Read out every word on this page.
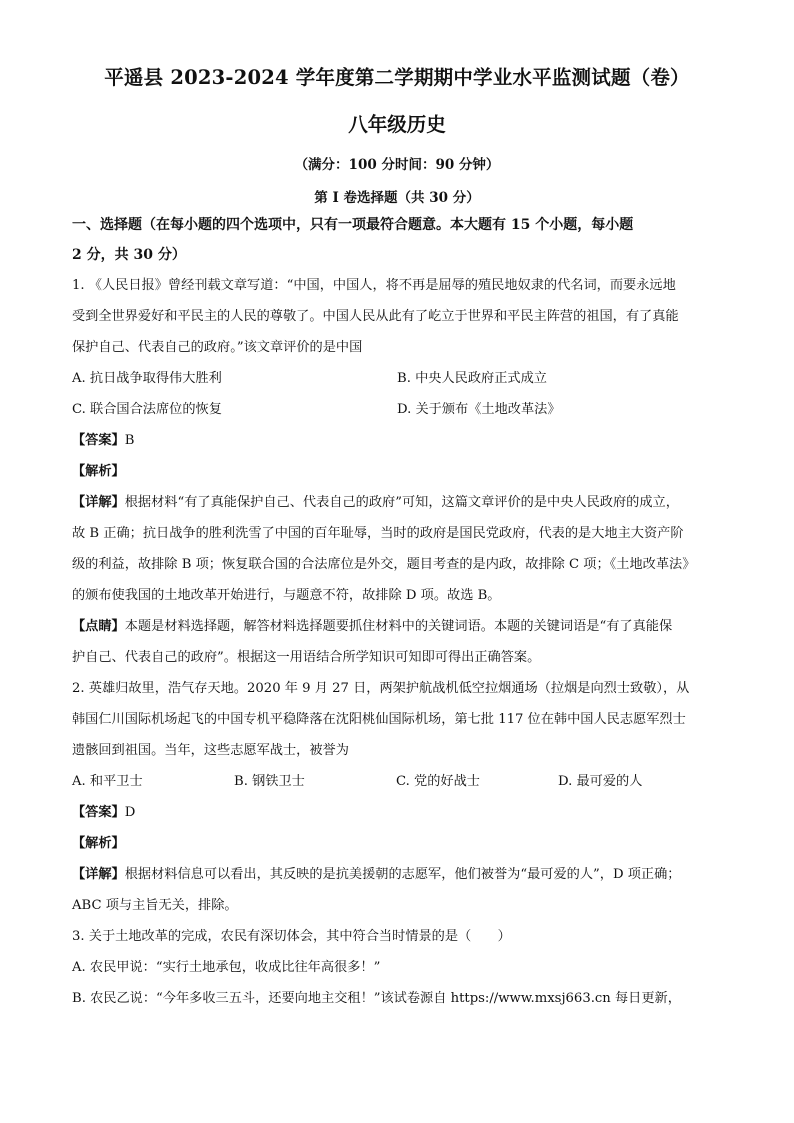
平遥县 2023-2024 学年度第二学期期中学业水平监测试题（卷）
八年级历史
（满分：100 分时间：90 分钟）
第 I 卷选择题（共 30 分）
一、选择题（在每小题的四个选项中，只有一项最符合题意。本大题有 15 个小题，每小题
2 分，共 30 分）
1. 《人民日报》曾经刊载文章写道：“中国，中国人，将不再是屈辱的殖民地奴隶的代名词，而要永远地
受到全世界爱好和平民主的人民的尊敬了。中国人民从此有了屹立于世界和平民主阵营的祖国，有了真能
保护自己、代表自己的政府。”该文章评价的是中国
A. 抗日战争取得伟大胜利	B. 中央人民政府正式成立
C. 联合国合法席位的恢复	D. 关于颁布《土地改革法》
【答案】B
【解析】
【详解】根据材料“有了真能保护自己、代表自己的政府”可知，这篇文章评价的是中央人民政府的成立，
故 B 正确；抗日战争的胜利洗雪了中国的百年耻辱，当时的政府是国民党政府，代表的是大地主大资产阶
级的利益，故排除 B 项；恢复联合国的合法席位是外交，题目考查的是内政，故排除 C 项；《土地改革法》
的颁布使我国的土地改革开始进行，与题意不符，故排除 D 项。故选 B。
【点睛】本题是材料选择题，解答材料选择题要抓住材料中的关键词语。本题的关键词语是“有了真能保
护自己、代表自己的政府”。根据这一用语结合所学知识可知即可得出正确答案。
2. 英雄归故里，浩气存天地。2020 年 9 月 27 日，两架护航战机低空拉烟通场（拉烟是向烈士致敬），从
韩国仁川国际机场起飞的中国专机平稳降落在沈阳桃仙国际机场，第七批 117 位在韩中国人民志愿军烈士
遗骸回到祖国。当年，这些志愿军战士，被誉为
A. 和平卫士	B. 钢铁卫士	C. 党的好战士	D. 最可爱的人
【答案】D
【解析】
【详解】根据材料信息可以看出，其反映的是抗美援朝的志愿军，他们被誉为“最可爱的人”，D 项正确；
ABC 项与主旨无关，排除。
3. 关于土地改革的完成，农民有深切体会，其中符合当时情景的是（　　）
A. 农民甲说：“实行土地承包，收成比往年高很多！”
B. 农民乙说：“今年多收三五斗，还要向地主交租！”该试卷源自 https://www.mxsj663.cn 每日更新，
